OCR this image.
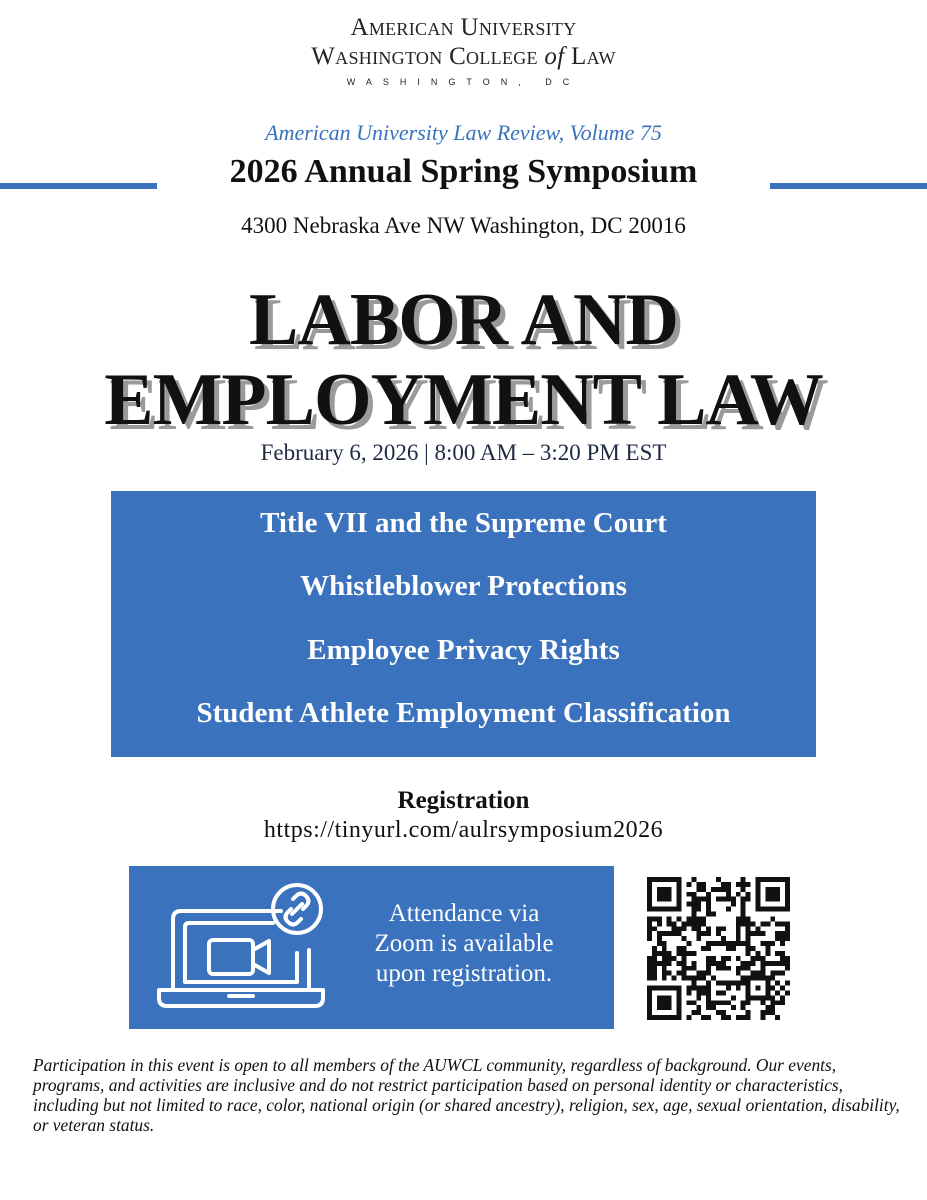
American University
Washington College of Law
WASHINGTON, DC
American University Law Review, Volume 75
2026 Annual Spring Symposium
4300 Nebraska Ave NW Washington, DC 20016
LABOR AND
EMPLOYMENT LAW
February 6, 2026 | 8:00 AM – 3:20 PM EST
Title VII and the Supreme Court
Whistleblower Protections
Employee Privacy Rights
Student Athlete Employment Classification
Registration
https://tinyurl.com/aulrsymposium2026
Attendance via
Zoom is available
upon registration.
Participation in this event is open to all members of the AUWCL community, regardless of background. Our events, programs, and activities are inclusive and do not restrict participation based on personal identity or characteristics, including but not limited to race, color, national origin (or shared ancestry), religion, sex, age, sexual orientation, disability, or veteran status.
